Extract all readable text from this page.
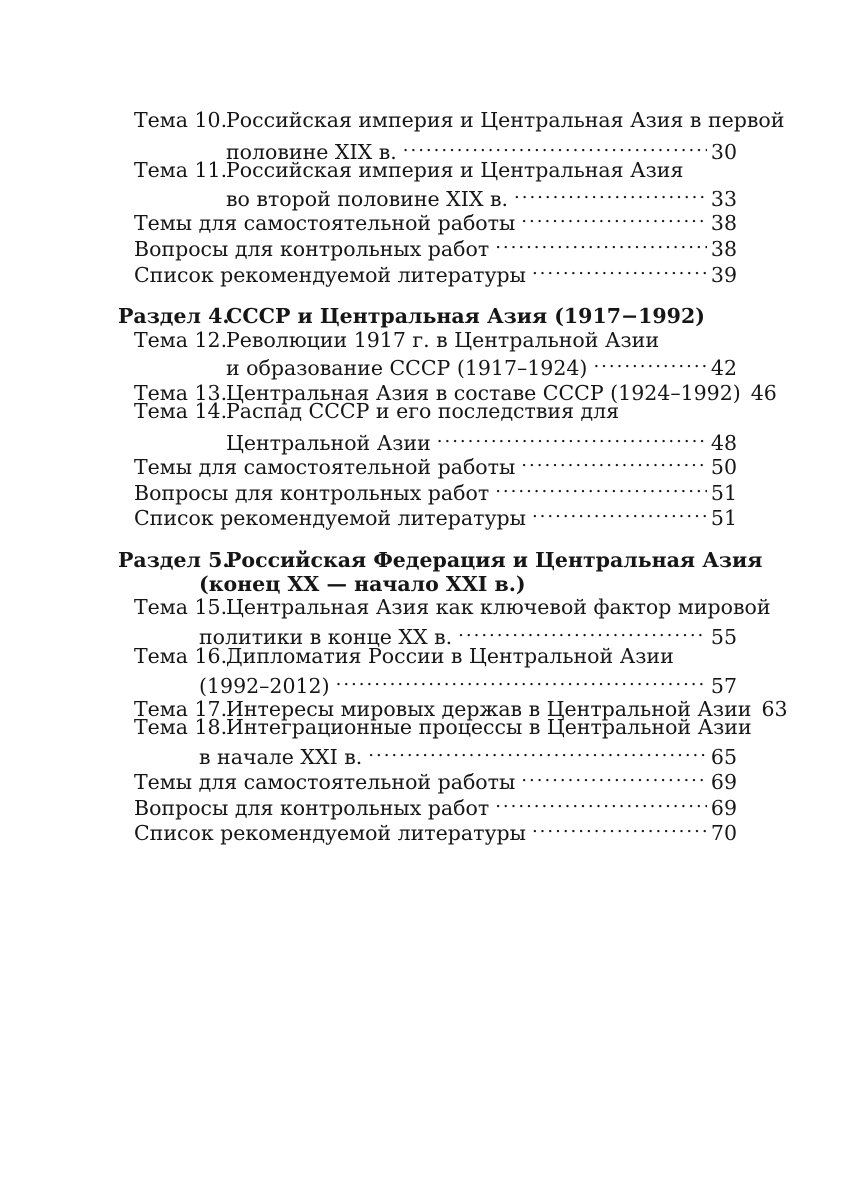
Тема 10.Российская империя и Центральная Азия в первой
половине XIX в. .....	30
Тема 11.Российская империя и Центральная Азия
во второй половине XIX в. .....	33
Темы для самостоятельной работы .....	38
Вопросы для контрольных работ .....	38
Список рекомендуемой литературы .....	39
Раздел 4.СССР и Центральная Азия (1917−1992)
Тема 12.Революции 1917 г. в Центральной Азии
и образование СССР (1917–1924) .....	42
Тема 13.
Центральная Азия в составе СССР (1924–1992) 46
Тема 14.Распад СССР и его последствия для
Центральной Азии .....	48
Темы для самостоятельной работы .....	50
Вопросы для контрольных работ .....	51
Список рекомендуемой литературы .....	51
Раздел 5.Российская Федерация и Центральная Азия
(конец XX — начало XXI в.)
Тема 15.Центральная Азия как ключевой фактор мировой
политики в конце XX в. .....	55
Тема 16.Дипломатия России в Центральной Азии
(1992–2012) .....	57
Тема 17.
Интересы мировых держав в Центральной Азии 63
Тема 18.Интеграционные процессы в Центральной Азии
в начале XXI в. .....	65
Темы для самостоятельной работы .....	69
Вопросы для контрольных работ .....	69
Список рекомендуемой литературы .....	70
